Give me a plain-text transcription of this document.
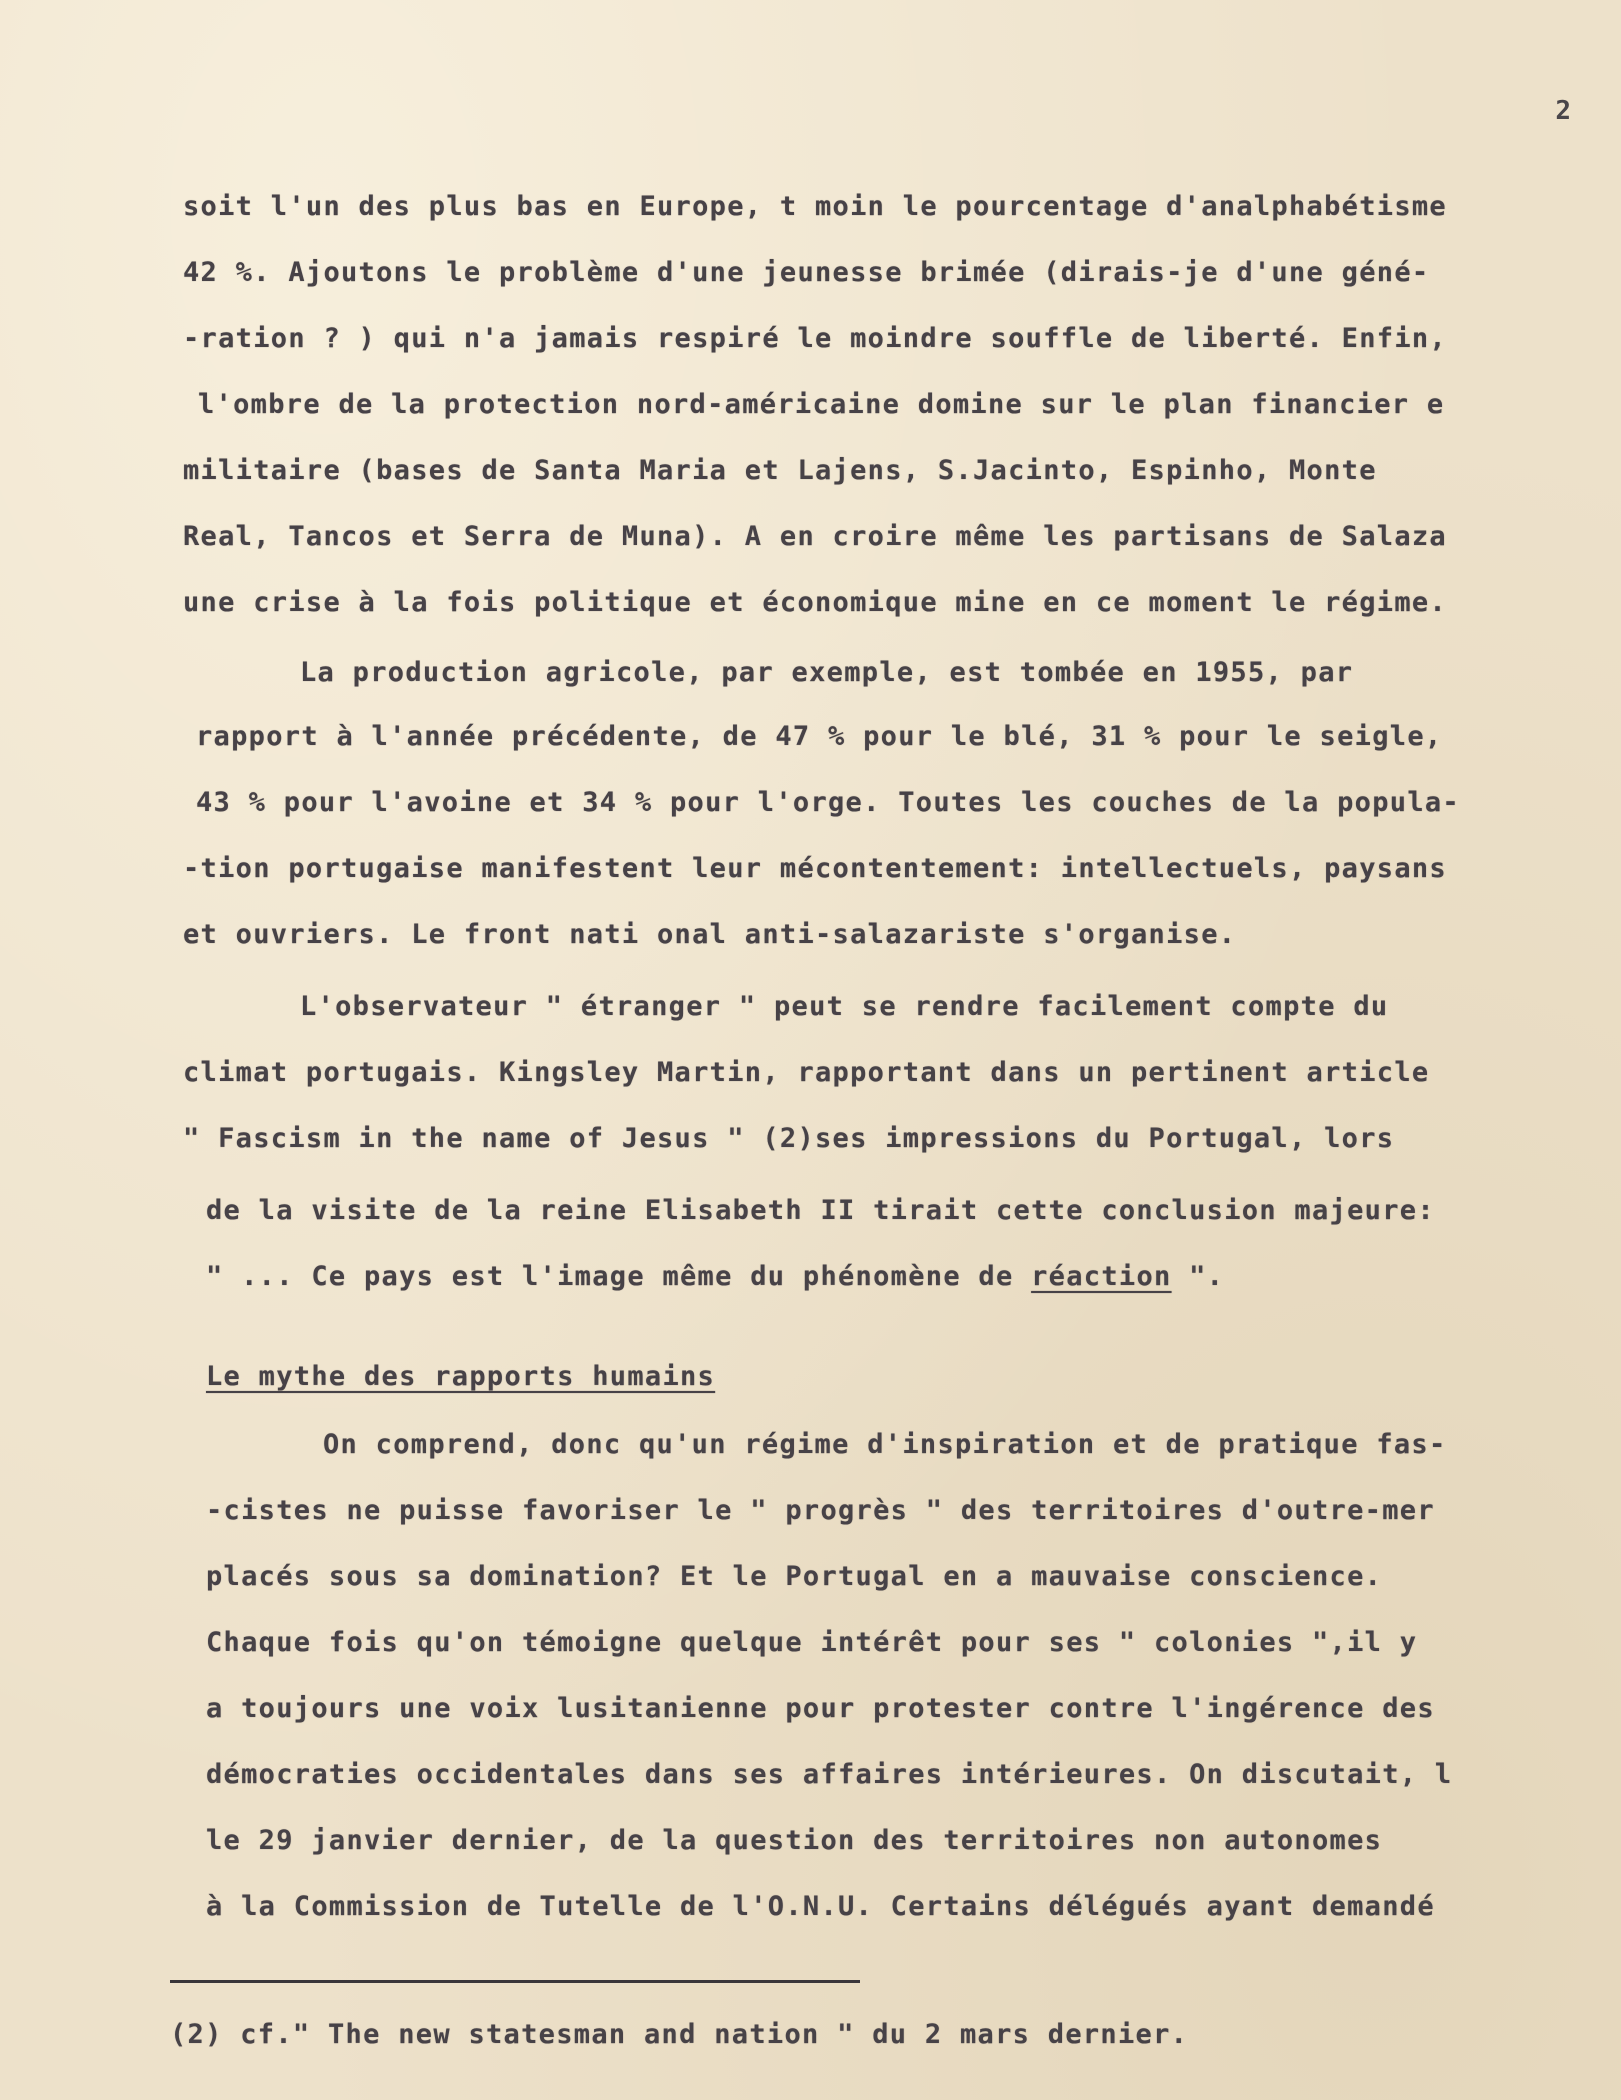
2
soit l'un des plus bas en Europe, t moin le pourcentage d'analphabétisme
42 %. Ajoutons le problème d'une jeunesse brimée (dirais-je d'une géné-
-ration ? ) qui n'a jamais respiré le moindre souffle de liberté. Enfin,
l'ombre de la protection nord-américaine domine sur le plan financier e
militaire (bases de Santa Maria et Lajens, S.Jacinto, Espinho, Monte
Real, Tancos et Serra de Muna). A en croire même les partisans de Salaza
une crise à la fois politique et économique mine en ce moment le régime.
La production agricole, par exemple, est tombée en 1955, par
rapport à l'année précédente, de 47 % pour le blé, 31 % pour le seigle,
43 % pour l'avoine et 34 % pour l'orge. Toutes les couches de la popula-
-tion portugaise manifestent leur mécontentement: intellectuels, paysans
et ouvriers. Le front nati onal anti-salazariste s'organise.
L'observateur " étranger " peut se rendre facilement compte du
climat portugais. Kingsley Martin, rapportant dans un pertinent article
" Fascism in the name of Jesus " (2)ses impressions du Portugal, lors
de la visite de la reine Elisabeth II tirait cette conclusion majeure:
" ... Ce pays est l'image même du phénomène de réaction ".
Le mythe des rapports humains
On comprend, donc qu'un régime d'inspiration et de pratique fas-
-cistes ne puisse favoriser le " progrès " des territoires d'outre-mer
placés sous sa domination? Et le Portugal en a mauvaise conscience.
Chaque fois qu'on témoigne quelque intérêt pour ses " colonies ",il y
a toujours une voix lusitanienne pour protester contre l'ingérence des
démocraties occidentales dans ses affaires intérieures. On discutait, l
le 29 janvier dernier, de la question des territoires non autonomes
à la Commission de Tutelle de l'O.N.U. Certains délégués ayant demandé
(2) cf." The new statesman and nation " du 2 mars dernier.
